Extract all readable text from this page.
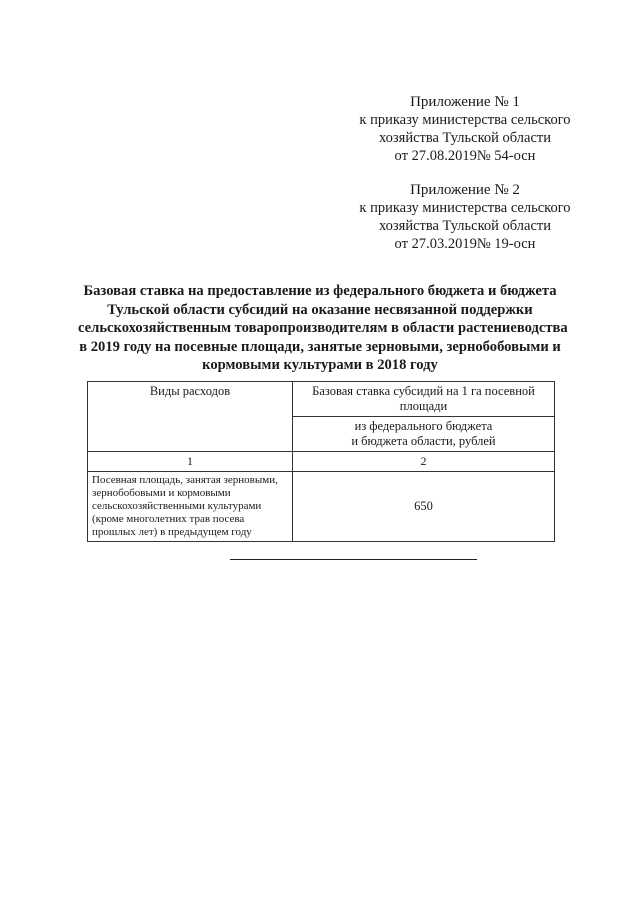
Приложение № 1
к приказу министерства сельского
хозяйства Тульской области
от 27.08.2019№ 54-осн
Приложение № 2
к приказу министерства сельского
хозяйства Тульской области
от 27.03.2019№ 19-осн
Базовая ставка на предоставление из федерального бюджета и бюджета
Тульской области субсидий на оказание несвязанной поддержки
сельскохозяйственным товаропроизводителям в области растениеводства
в 2019 году на посевные площади, занятые зерновыми, зернобобовыми и
кормовыми культурами в 2018 году
Виды расходов	Базовая ставка субсидий на 1 га посевной площади

	из федерального бюджета
и бюджета области, рублей

1	2

Посевная площадь, занятая зерновыми,
зернобобовыми и кормовыми
сельскохозяйственными культурами
(кроме многолетних трав посева
прошлых лет) в предыдущем году	650
